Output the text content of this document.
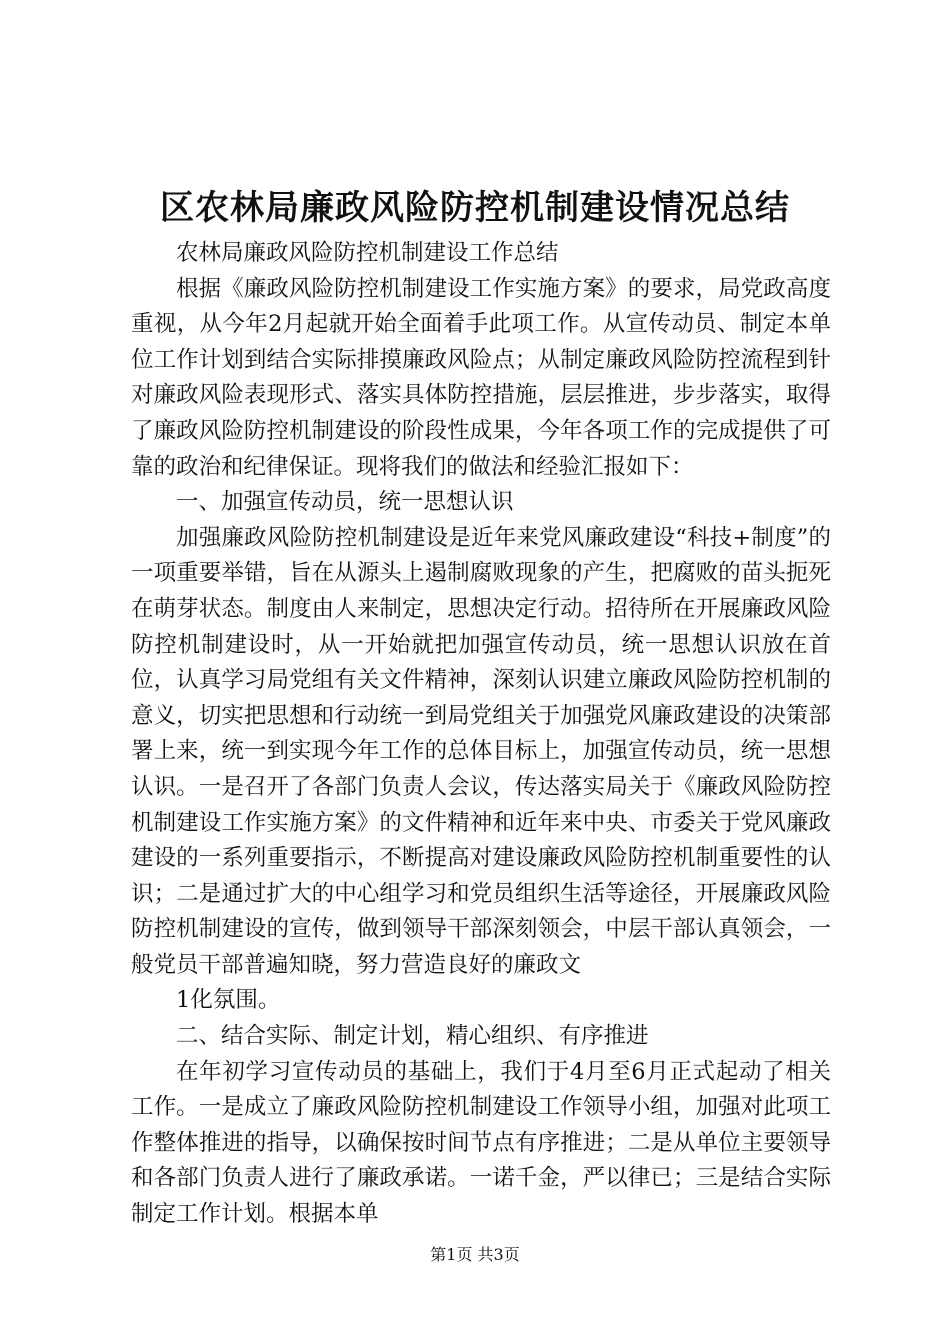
区农林局廉政风险防控机制建设情况总结

农林局廉政风险防控机制建设工作总结

根据《廉政风险防控机制建设工作实施方案》的要求，局党政高度重视，从今年2月起就开始全面着手此项工作。从宣传动员、制定本单位工作计划到结合实际排摸廉政风险点；从制定廉政风险防控流程到针对廉政风险表现形式、落实具体防控措施，层层推进，步步落实，取得了廉政风险防控机制建设的阶段性成果，今年各项工作的完成提供了可靠的政治和纪律保证。现将我们的做法和经验汇报如下：

一、加强宣传动员，统一思想认识

加强廉政风险防控机制建设是近年来党风廉政建设“科技+制度”的一项重要举错，旨在从源头上遏制腐败现象的产生，把腐败的苗头扼死在萌芽状态。制度由人来制定，思想决定行动。招待所在开展廉政风险防控机制建设时，从一开始就把加强宣传动员，统一思想认识放在首位，认真学习局党组有关文件精神，深刻认识建立廉政风险防控机制的意义，切实把思想和行动统一到局党组关于加强党风廉政建设的决策部署上来，统一到实现今年工作的总体目标上，加强宣传动员，统一思想认识。一是召开了各部门负责人会议，传达落实局关于《廉政风险防控机制建设工作实施方案》的文件精神和近年来中央、市委关于党风廉政建设的一系列重要指示，不断提高对建设廉政风险防控机制重要性的认识；二是通过扩大的中心组学习和党员组织生活等途径，开展廉政风险防控机制建设的宣传，做到领导干部深刻领会，中层干部认真领会，一般党员干部普遍知晓，努力营造良好的廉政文

1化氛围。

二、结合实际、制定计划，精心组织、有序推进

在年初学习宣传动员的基础上，我们于4月至6月正式起动了相关工作。一是成立了廉政风险防控机制建设工作领导小组，加强对此项工作整体推进的指导，以确保按时间节点有序推进；二是从单位主要领导和各部门负责人进行了廉政承诺。一诺千金，严以律已；三是结合实际制定工作计划。根据本单

第1页 共3页
